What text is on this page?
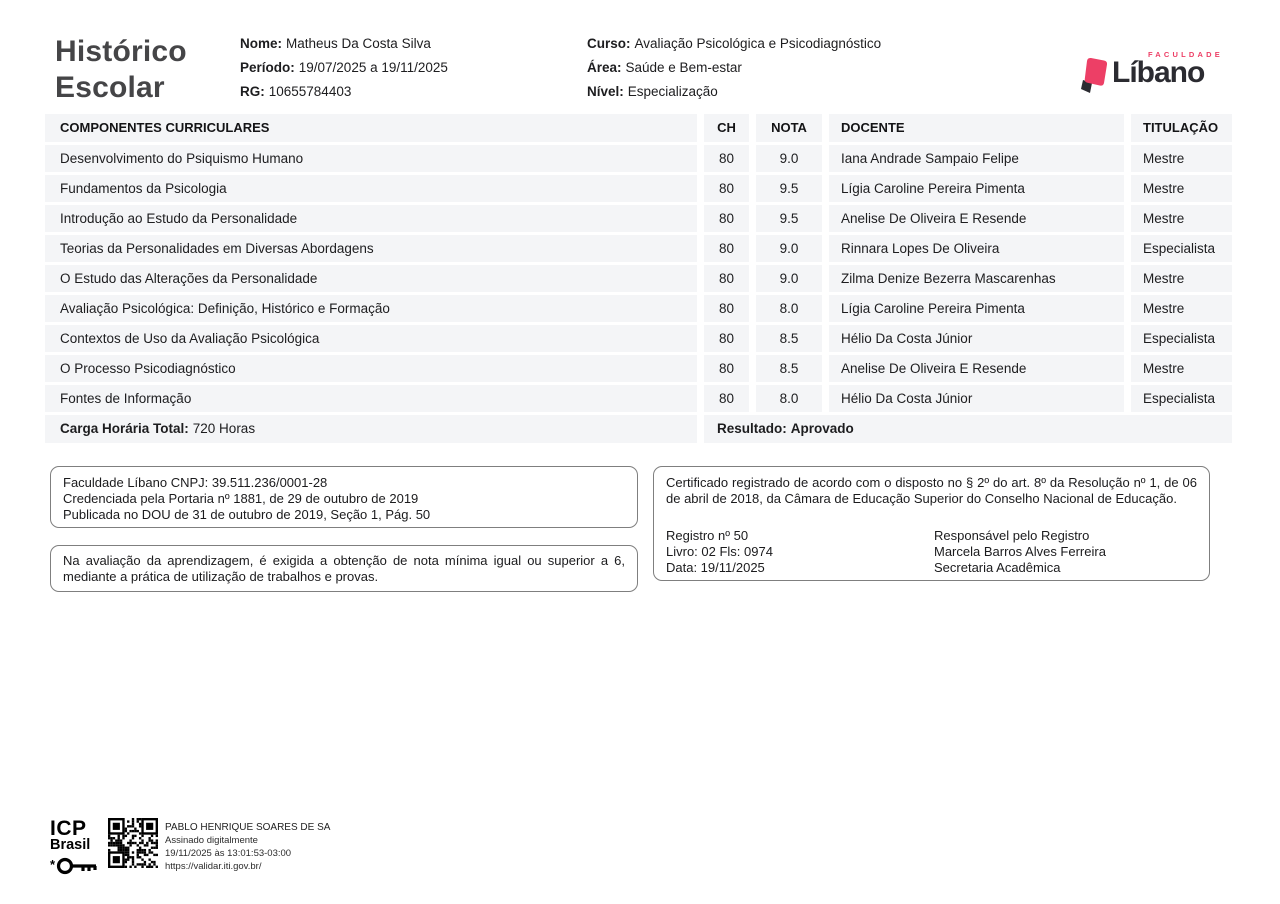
Histórico
Escolar
Nome: Matheus Da Costa Silva
Período: 19/07/2025 a 19/11/2025
RG: 10655784403
Curso: Avaliação Psicológica e Psicodiagnóstico
Área: Saúde e Bem-estar
Nível: Especialização
FACULDADE
Líbano
COMPONENTES CURRICULARES	CH	NOTA	DOCENTE	TITULAÇÃO
Desenvolvimento do Psiquismo Humano	80	9.0	Iana Andrade Sampaio Felipe	Mestre
Fundamentos da Psicologia	80	9.5	Lígia Caroline Pereira Pimenta	Mestre
Introdução ao Estudo da Personalidade	80	9.5	Anelise De Oliveira E Resende	Mestre
Teorias da Personalidades em Diversas Abordagens	80	9.0	Rinnara Lopes De Oliveira	Especialista
O Estudo das Alterações da Personalidade	80	9.0	Zilma Denize Bezerra Mascarenhas	Mestre
Avaliação Psicológica: Definição, Histórico e Formação	80	8.0	Lígia Caroline Pereira Pimenta	Mestre
Contextos de Uso da Avaliação Psicológica	80	8.5	Hélio Da Costa Júnior	Especialista
O Processo Psicodiagnóstico	80	8.5	Anelise De Oliveira E Resende	Mestre
Fontes de Informação	80	8.0	Hélio Da Costa Júnior	Especialista
Carga Horária Total: 720 Horas	Resultado: Aprovado
Faculdade Líbano CNPJ: 39.511.236/0001-28
Credenciada pela Portaria nº 1881, de 29 de outubro de 2019
Publicada no DOU de 31 de outubro de 2019, Seção 1, Pág. 50
Na avaliação da aprendizagem, é exigida a obtenção de nota mínima igual ou superior a 6, mediante a prática de utilização de trabalhos e provas.
Certificado registrado de acordo com o disposto no § 2º do art. 8º da Resolução nº 1, de 06 de abril de 2018, da Câmara de Educação Superior do Conselho Nacional de Educação.
Registro nº 50
Livro: 02 Fls: 0974
Data: 19/11/2025
Responsável pelo Registro
Marcela Barros Alves Ferreira
Secretaria Acadêmica
ICP
Brasil
*
PABLO HENRIQUE SOARES DE SA
Assinado digitalmente
19/11/2025 às 13:01:53-03:00
https://validar.iti.gov.br/
